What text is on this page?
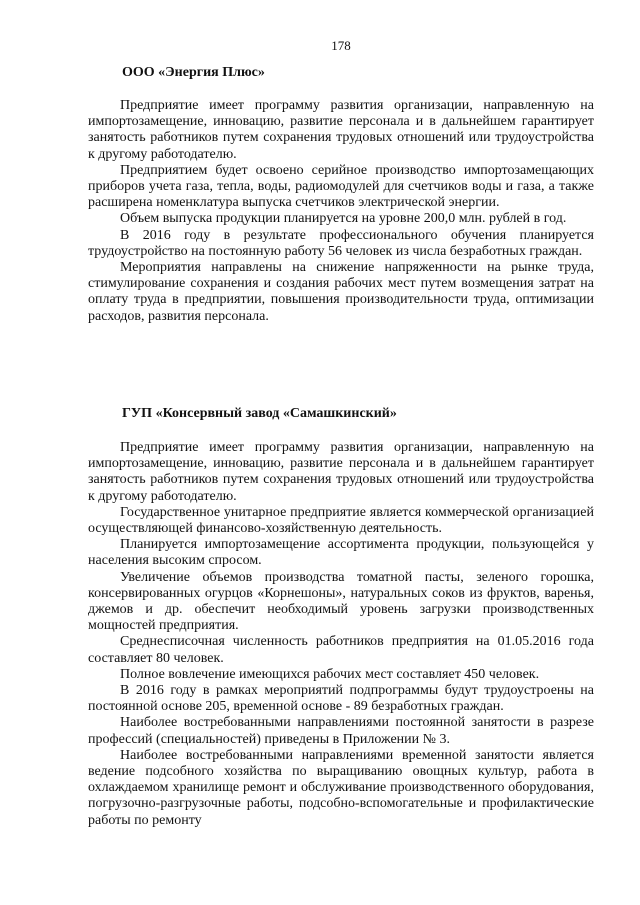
178
ООО «Энергия Плюс»

Предприятие имеет программу развития организации, направленную на импортозамещение, инновацию, развитие персонала и в дальнейшем гарантирует занятость работников путем сохранения трудовых отношений или трудоустройства к другому работодателю.

Предприятием будет освоено серийное производство импортозамещающих приборов учета газа, тепла, воды, радиомодулей для счетчиков воды и газа, а также расширена номенклатура выпуска счетчиков электрической энергии.

Объем выпуска продукции планируется на уровне 200,0 млн. рублей в год.

В 2016 году в результате профессионального обучения планируется трудоустройство на постоянную работу 56 человек из числа безработных граждан.

Мероприятия направлены на снижение напряженности на рынке труда, стимулирование сохранения и создания рабочих мест путем возмещения затрат на оплату труда в предприятии, повышения производительности труда, оптимизации расходов, развития персонала.

ГУП «Консервный завод «Самашкинский»

Предприятие имеет программу развития организации, направленную на импортозамещение, инновацию, развитие персонала и в дальнейшем гарантирует занятость работников путем сохранения трудовых отношений или трудоустройства к другому работодателю.

Государственное унитарное предприятие является коммерческой организацией осуществляющей финансово-хозяйственную деятельность.

Планируется импортозамещение ассортимента продукции, пользующейся у населения высоким спросом.

Увеличение объемов производства томатной пасты, зеленого горошка, консервированных огурцов «Корнешоны», натуральных соков из фруктов, варенья, джемов и др. обеспечит необходимый уровень загрузки производственных мощностей предприятия.

Среднесписочная численность работников предприятия на 01.05.2016 года составляет 80 человек.

Полное вовлечение имеющихся рабочих мест составляет 450 человек.

В 2016 году в рамках мероприятий подпрограммы будут трудоустроены на постоянной основе 205, временной основе - 89 безработных граждан.

Наиболее востребованными направлениями постоянной занятости в разрезе профессий (специальностей) приведены в Приложении № 3.

Наиболее востребованными направлениями временной занятости является ведение подсобного хозяйства по выращиванию овощных культур, работа в охлаждаемом хранилище ремонт и обслуживание производственного оборудования, погрузочно-разгрузочные работы, подсобно-вспомогательные и профилактические работы по ремонту
